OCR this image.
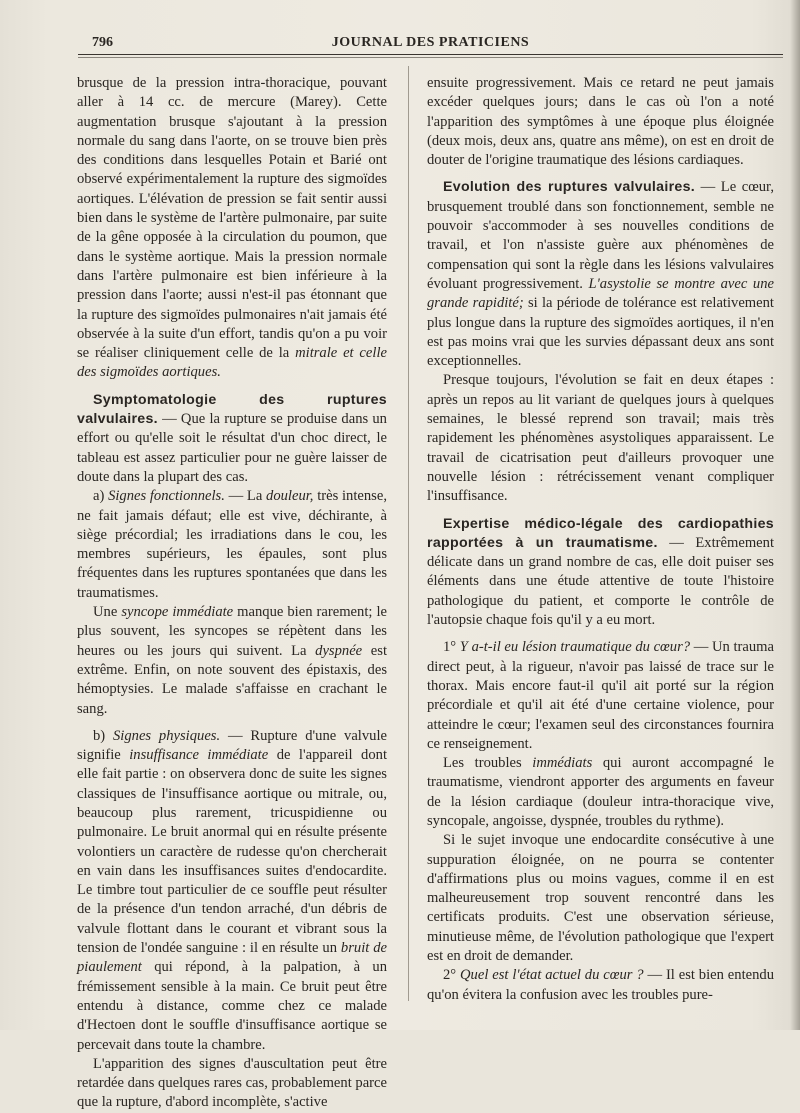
796	JOURNAL DES PRATICIENS

brusque de la pression intra-thoracique, pouvant aller à 14 cc. de mercure (Marey). Cette augmentation brusque s'ajoutant à la pression normale du sang dans l'aorte, on se trouve bien près des conditions dans lesquelles Potain et Barié ont observé expérimentalement la rupture des sigmoïdes aortiques. L'élévation de pression se fait sentir aussi bien dans le système de l'artère pulmonaire, par suite de la gêne opposée à la circulation du poumon, que dans le système aortique. Mais la pression normale dans l'artère pulmonaire est bien inférieure à la pression dans l'aorte; aussi n'est-il pas étonnant que la rupture des sigmoïdes pulmonaires n'ait jamais été observée à la suite d'un effort, tandis qu'on a pu voir se réaliser cliniquement celle de la mitrale et celle des sigmoïdes aortiques.

Symptomatologie des ruptures valvulaires. — Que la rupture se produise dans un effort ou qu'elle soit le résultat d'un choc direct, le tableau est assez particulier pour ne guère laisser de doute dans la plupart des cas.

a) Signes fonctionnels. — La douleur, très intense, ne fait jamais défaut; elle est vive, déchirante, à siège précordial; les irradiations dans le cou, les membres supérieurs, les épaules, sont plus fréquentes dans les ruptures spontanées que dans les traumatismes.

Une syncope immédiate manque bien rarement; le plus souvent, les syncopes se répètent dans les heures ou les jours qui suivent. La dyspnée est extrême. Enfin, on note souvent des épistaxis, des hémoptysies. Le malade s'affaisse en crachant le sang.

b) Signes physiques. — Rupture d'une valvule signifie insuffisance immédiate de l'appareil dont elle fait partie : on observera donc de suite les signes classiques de l'insuffisance aortique ou mitrale, ou, beaucoup plus rarement, tricuspidienne ou pulmonaire. Le bruit anormal qui en résulte présente volontiers un caractère de rudesse qu'on chercherait en vain dans les insuffisances suites d'endocardite. Le timbre tout particulier de ce souffle peut résulter de la présence d'un tendon arraché, d'un débris de valvule flottant dans le courant et vibrant sous la tension de l'ondée sanguine : il en résulte un bruit de piaulement qui répond, à la palpation, à un frémissement sensible à la main. Ce bruit peut être entendu à distance, comme chez ce malade d'Hectoen dont le souffle d'insuffisance aortique se percevait dans toute la chambre.

L'apparition des signes d'auscultation peut être retardée dans quelques rares cas, probablement parce que la rupture, d'abord incomplète, s'active

ensuite progressivement. Mais ce retard ne peut jamais excéder quelques jours; dans le cas où l'on a noté l'apparition des symptômes à une époque plus éloignée (deux mois, deux ans, quatre ans même), on est en droit de douter de l'origine traumatique des lésions cardiaques.

Evolution des ruptures valvulaires. — Le cœur, brusquement troublé dans son fonctionnement, semble ne pouvoir s'accommoder à ses nouvelles conditions de travail, et l'on n'assiste guère aux phénomènes de compensation qui sont la règle dans les lésions valvulaires évoluant progressivement. L'asystolie se montre avec une grande rapidité; si la période de tolérance est relativement plus longue dans la rupture des sigmoïdes aortiques, il n'en est pas moins vrai que les survies dépassant deux ans sont exceptionnelles.

Presque toujours, l'évolution se fait en deux étapes : après un repos au lit variant de quelques jours à quelques semaines, le blessé reprend son travail; mais très rapidement les phénomènes asystoliques apparaissent. Le travail de cicatrisation peut d'ailleurs provoquer une nouvelle lésion : rétrécissement venant compliquer l'insuffisance.

Expertise médico-légale des cardiopathies rapportées à un traumatisme. — Extrêmement délicate dans un grand nombre de cas, elle doit puiser ses éléments dans une étude attentive de toute l'histoire pathologique du patient, et comporte le contrôle de l'autopsie chaque fois qu'il y a eu mort.

1° Y a-t-il eu lésion traumatique du cœur? — Un trauma direct peut, à la rigueur, n'avoir pas laissé de trace sur le thorax. Mais encore faut-il qu'il ait porté sur la région précordiale et qu'il ait été d'une certaine violence, pour atteindre le cœur; l'examen seul des circonstances fournira ce renseignement.

Les troubles immédiats qui auront accompagné le traumatisme, viendront apporter des arguments en faveur de la lésion cardiaque (douleur intra-thoracique vive, syncopale, angoisse, dyspnée, troubles du rythme).

Si le sujet invoque une endocardite consécutive à une suppuration éloignée, on ne pourra se contenter d'affirmations plus ou moins vagues, comme il en est malheureusement trop souvent rencontré dans les certificats produits. C'est une observation sérieuse, minutieuse même, de l'évolution pathologique que l'expert est en droit de demander.

2° Quel est l'état actuel du cœur ? — Il est bien entendu qu'on évitera la confusion avec les troubles pure-
